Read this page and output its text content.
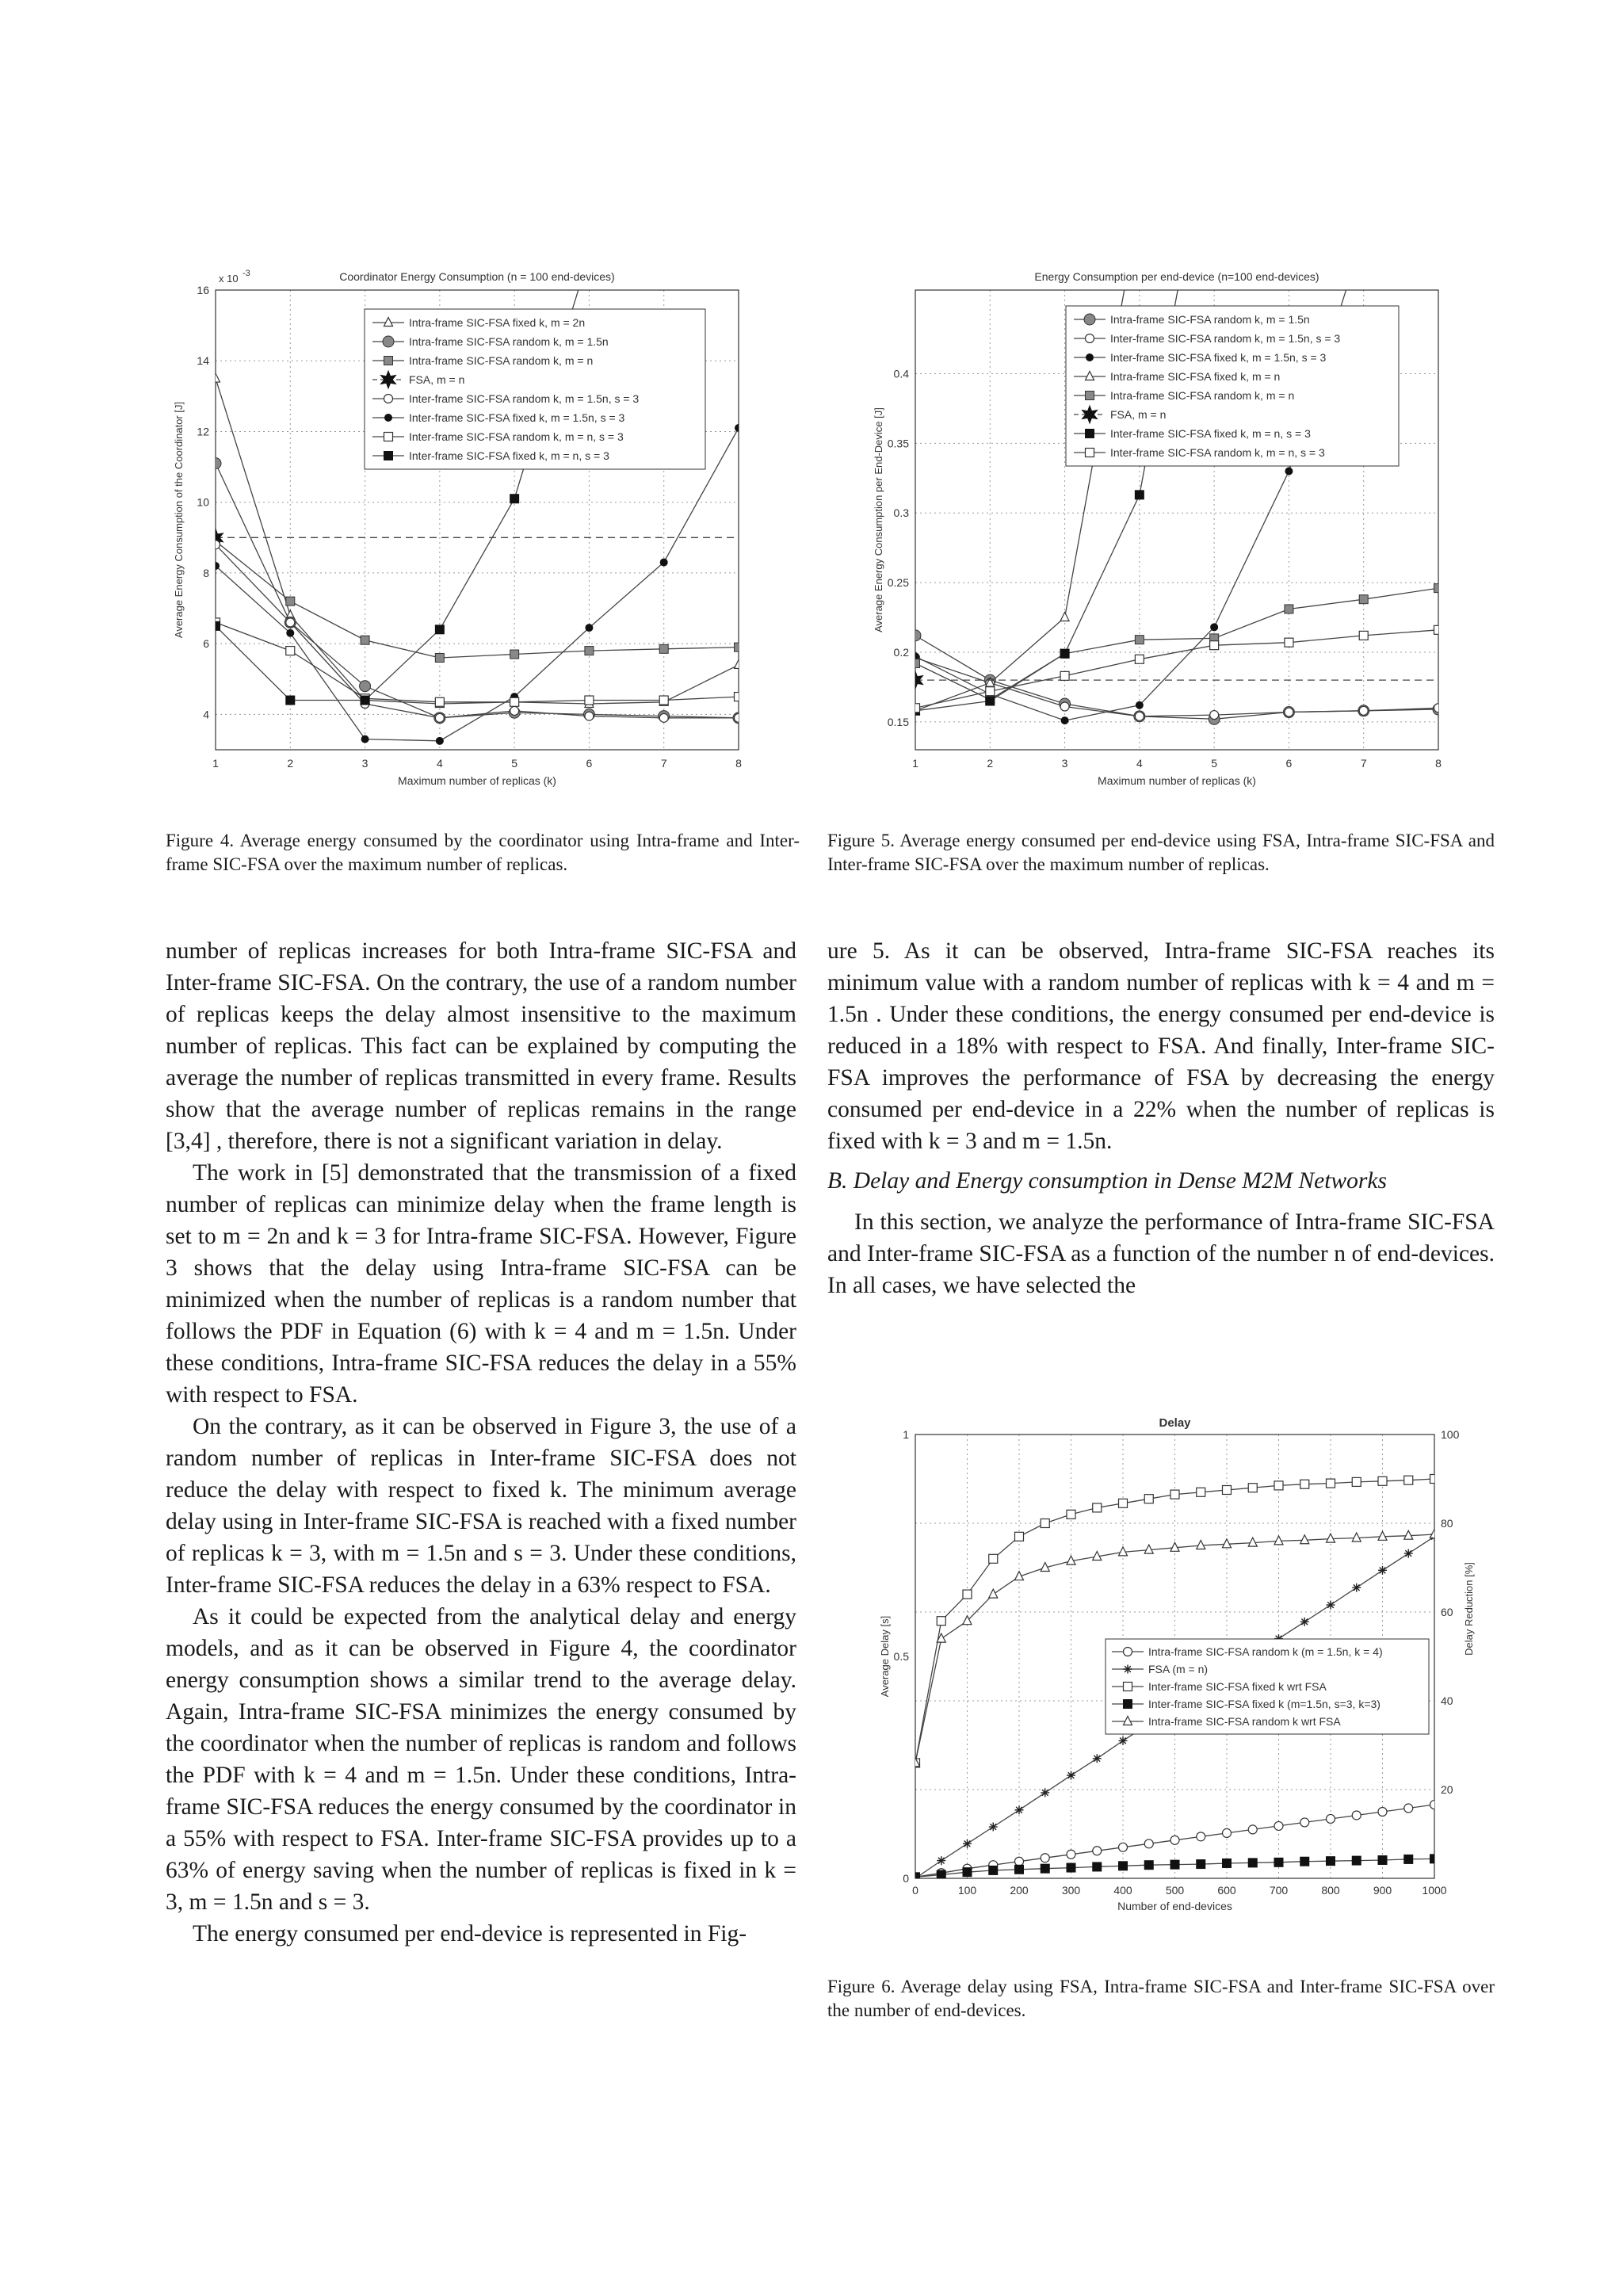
1	2	3	4	5	6	7	8
4
6
8
10
12
14
16
Coordinator Energy Consumption (n = 100 end-devices)
Maximum number of replicas (k)
Average Energy Consumption of the Coordinator [J]
x 10 -3
Intra-frame SIC-FSA fixed k, m = 2n
Intra-frame SIC-FSA random k, m = 1.5n
Intra-frame SIC-FSA random k, m = n
FSA, m = n
Inter-frame SIC-FSA random k, m = 1.5n, s = 3
Inter-frame SIC-FSA fixed k, m = 1.5n, s = 3
Inter-frame SIC-FSA random k, m = n, s = 3
Inter-frame SIC-FSA fixed k, m = n, s = 3
Figure 4. Average energy consumed by the coordinator using Intra-frame and Inter-frame SIC-FSA over the maximum number of replicas.
1	2	3	4	5	6	7	8
0.15
0.2
0.25
0.3
0.35
0.4
Energy Consumption per end-device (n=100 end-devices)
Maximum number of replicas (k)
Average Energy Consumption per End-Device [J]
Intra-frame SIC-FSA random k, m = 1.5n
Inter-frame SIC-FSA random k, m = 1.5n, s = 3
Inter-frame SIC-FSA fixed k, m = 1.5n, s = 3
Intra-frame SIC-FSA fixed k, m = n
Intra-frame SIC-FSA random k, m = n
FSA, m = n
Inter-frame SIC-FSA fixed k, m = n, s = 3
Inter-frame SIC-FSA random k, m = n, s = 3
Figure 5. Average energy consumed per end-device using FSA, Intra-frame SIC-FSA and Inter-frame SIC-FSA over the maximum number of replicas.

number of replicas increases for both Intra-frame SIC-FSA and Inter-frame SIC-FSA. On the contrary, the use of a random number of replicas keeps the delay almost insensitive to the maximum number of replicas. This fact can be explained by computing the average the number of replicas transmitted in every frame. Results show that the average number of replicas remains in the range [3,4] , therefore, there is not a significant variation in delay.

The work in [5] demonstrated that the transmission of a fixed number of replicas can minimize delay when the frame length is set to m = 2n and k = 3 for Intra-frame SIC-FSA. However, Figure 3 shows that the delay using Intra-frame SIC-FSA can be minimized when the number of replicas is a random number that follows the PDF in Equation (6) with k = 4 and m = 1.5n. Under these conditions, Intra-frame SIC-FSA reduces the delay in a 55% with respect to FSA.

On the contrary, as it can be observed in Figure 3, the use of a random number of replicas in Inter-frame SIC-FSA does not reduce the delay with respect to fixed k. The minimum average delay using in Inter-frame SIC-FSA is reached with a fixed number of replicas k = 3, with m = 1.5n and s = 3. Under these conditions, Inter-frame SIC-FSA reduces the delay in a 63% respect to FSA.

As it could be expected from the analytical delay and energy models, and as it can be observed in Figure 4, the coordinator energy consumption shows a similar trend to the average delay. Again, Intra-frame SIC-FSA minimizes the energy consumed by the coordinator when the number of replicas is random and follows the PDF with k = 4 and m = 1.5n. Under these conditions, Intra-frame SIC-FSA reduces the energy consumed by the coordinator in a 55% with respect to FSA. Inter-frame SIC-FSA provides up to a 63% of energy saving when the number of replicas is fixed in k = 3, m = 1.5n and s = 3.

The energy consumed per end-device is represented in Fig-

ure 5. As it can be observed, Intra-frame SIC-FSA reaches its minimum value with a random number of replicas with k = 4 and m = 1.5n . Under these conditions, the energy consumed per end-device is reduced in a 18% with respect to FSA. And finally, Inter-frame SIC-FSA improves the performance of FSA by decreasing the energy consumed per end-device in a 22% when the number of replicas is fixed with k = 3 and m = 1.5n.

B. Delay and Energy consumption in Dense M2M Networks

In this section, we analyze the performance of Intra-frame SIC-FSA and Inter-frame SIC-FSA as a function of the number n of end-devices. In all cases, we have selected the

0	100	200	300	400	500	600	700	800	900	1000
0
0.5
1
20
40
60
80
100
Delay
Number of end-devices
Average Delay [s]
Delay Reduction [%]
Intra-frame SIC-FSA random k (m = 1.5n, k = 4)
FSA (m = n)
Inter-frame SIC-FSA fixed k wrt FSA
Inter-frame SIC-FSA fixed k (m=1.5n, s=3, k=3)
Intra-frame SIC-FSA random k wrt FSA
Figure 6. Average delay using FSA, Intra-frame SIC-FSA and Inter-frame SIC-FSA over the number of end-devices.
